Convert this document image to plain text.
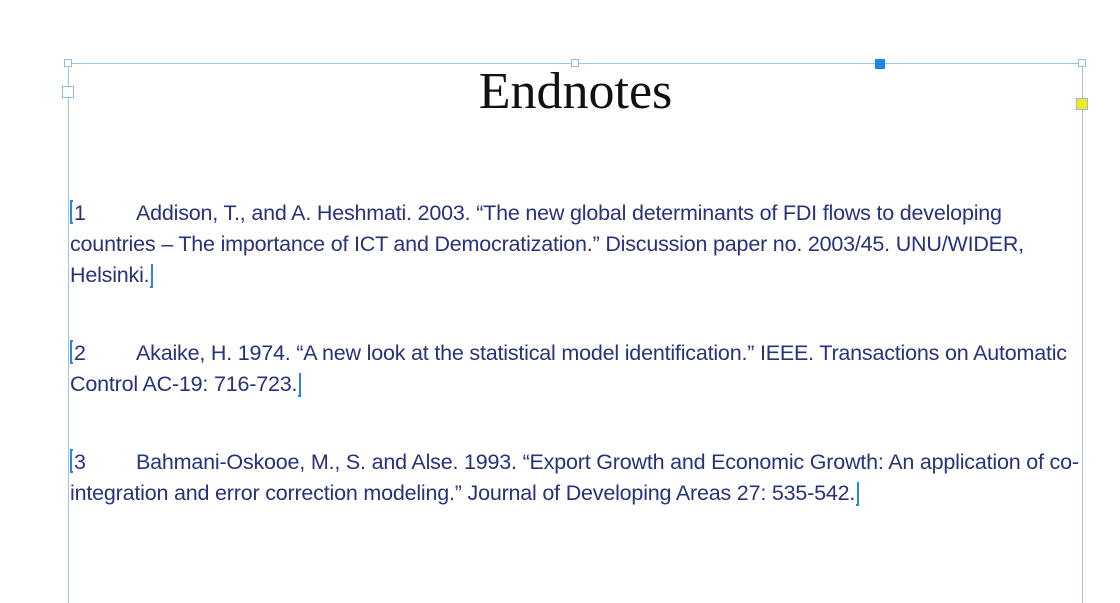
Endnotes
1 Addison, T., and A. Heshmati. 2003. “The new global determinants of FDI flows to developing countries – The importance of ICT and Democratization.” Discussion paper no. 2003/45. UNU/WIDER, Helsinki.
2 Akaike, H. 1974. “A new look at the statistical model identification.” IEEE. Transactions on Automatic Control AC-19: 716-723.
3 Bahmani-Oskooe, M., S. and Alse. 1993. “Export Growth and Economic Growth: An application of co-integration and error correction modeling.” Journal of Developing Areas 27: 535-542.
